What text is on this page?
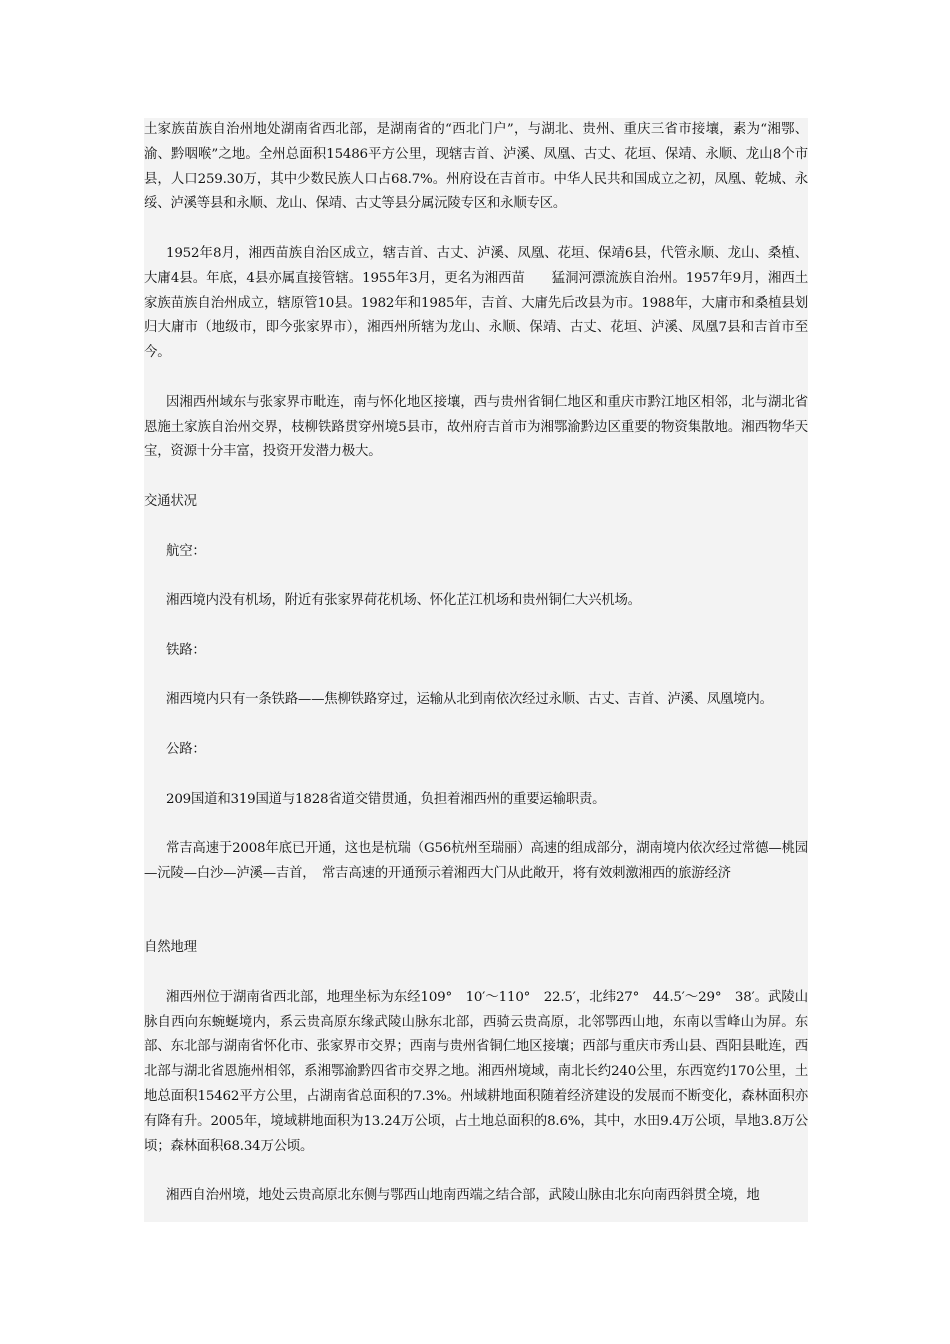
土家族苗族自治州地处湖南省西北部，是湖南省的“西北门户”，与湖北、贵州、重庆三省市接壤，素为“湘鄂、渝、黔咽喉”之地。全州总面积15486平方公里，现辖吉首、泸溪、凤凰、古丈、花垣、保靖、永顺、龙山8个市县，人口259.30万，其中少数民族人口占68.7%。州府设在吉首市。中华人民共和国成立之初，凤凰、乾城、永绥、泸溪等县和永顺、龙山、保靖、古丈等县分属沅陵专区和永顺专区。

1952年8月，湘西苗族自治区成立，辖吉首、古丈、泸溪、凤凰、花垣、保靖6县，代管永顺、龙山、桑植、大庸4县。年底，4县亦属直接管辖。1955年3月，更名为湘西苗　　猛洞河漂流族自治州。1957年9月，湘西土家族苗族自治州成立，辖原管10县。1982年和1985年，吉首、大庸先后改县为市。1988年，大庸市和桑植县划归大庸市（地级市，即今张家界市），湘西州所辖为龙山、永顺、保靖、古丈、花垣、泸溪、凤凰7县和吉首市至今。

因湘西州域东与张家界市毗连，南与怀化地区接壤，西与贵州省铜仁地区和重庆市黔江地区相邻，北与湖北省恩施土家族自治州交界，枝柳铁路贯穿州境5县市，故州府吉首市为湘鄂渝黔边区重要的物资集散地。湘西物华天宝，资源十分丰富，投资开发潜力极大。

交通状况

航空：

湘西境内没有机场，附近有张家界荷花机场、怀化芷江机场和贵州铜仁大兴机场。

铁路：

湘西境内只有一条铁路——焦柳铁路穿过，运输从北到南依次经过永顺、古丈、吉首、泸溪、凤凰境内。

公路：

209国道和319国道与1828省道交错贯通，负担着湘西州的重要运输职责。

常吉高速于2008年底已开通，这也是杭瑞（G56杭州至瑞丽）高速的组成部分，湖南境内依次经过常德—桃园—沅陵—白沙—泸溪—吉首，　常吉高速的开通预示着湘西大门从此敞开，将有效刺激湘西的旅游经济

自然地理

湘西州位于湖南省西北部，地理坐标为东经109°　10′～110°　22.5′，北纬27°　44.5′～29°　38′。武陵山脉自西向东蜿蜒境内，系云贵高原东缘武陵山脉东北部，西骑云贵高原，北邻鄂西山地，东南以雪峰山为屏。东部、东北部与湖南省怀化市、张家界市交界；西南与贵州省铜仁地区接壤；西部与重庆市秀山县、酉阳县毗连，西北部与湖北省恩施州相邻，系湘鄂渝黔四省市交界之地。湘西州境域，南北长约240公里，东西宽约170公里，土地总面积15462平方公里，占湖南省总面积的7.3%。州域耕地面积随着经济建设的发展而不断变化，森林面积亦有降有升。2005年，境域耕地面积为13.24万公顷，占土地总面积的8.6%，其中，水田9.4万公顷，旱地3.8万公顷；森林面积68.34万公顷。

湘西自治州境，地处云贵高原北东侧与鄂西山地南西端之结合部，武陵山脉由北东向南西斜贯全境，地
